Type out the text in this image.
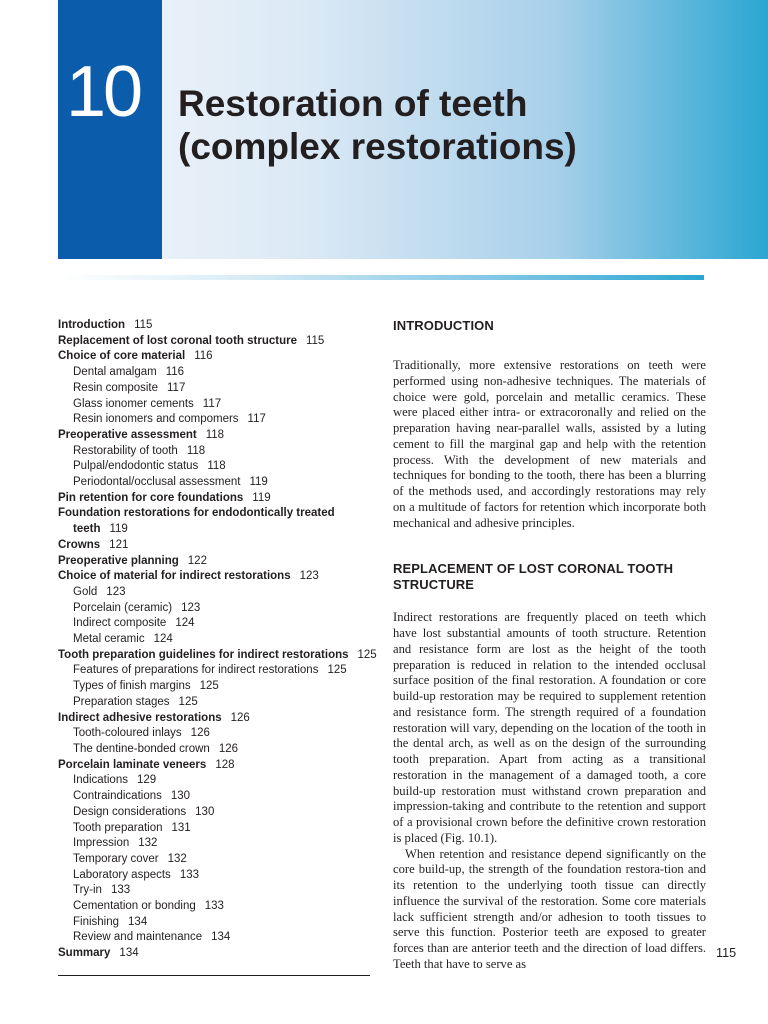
10	Restoration of teeth
(complex restorations)
Introduction 115
Replacement of lost coronal tooth structure 115
Choice of core material 116
Dental amalgam 116
Resin composite 117
Glass ionomer cements 117
Resin ionomers and compomers 117
Preoperative assessment 118
Restorability of tooth 118
Pulpal/endodontic status 118
Periodontal/occlusal assessment 119
Pin retention for core foundations 119
Foundation restorations for endodontically treated
teeth 119
Crowns 121
Preoperative planning 122
Choice of material for indirect restorations 123
Gold 123
Porcelain (ceramic) 123
Indirect composite 124
Metal ceramic 124
Tooth preparation guidelines for indirect restorations 125
Features of preparations for indirect restorations 125
Types of finish margins 125
Preparation stages 125
Indirect adhesive restorations 126
Tooth-coloured inlays 126
The dentine-bonded crown 126
Porcelain laminate veneers 128
Indications 129
Contraindications 130
Design considerations 130
Tooth preparation 131
Impression 132
Temporary cover 132
Laboratory aspects 133
Try-in 133
Cementation or bonding 133
Finishing 134
Review and maintenance 134
Summary 134
INTRODUCTION

Traditionally, more extensive restorations on teeth were performed using non-adhesive techniques. The materials of choice were gold, porcelain and metallic ceramics. These were placed either intra- or extracoronally and relied on the preparation having near-parallel walls, assisted by a luting cement to fill the marginal gap and help with the retention process. With the development of new materials and techniques for bonding to the tooth, there has been a blurring of the methods used, and accordingly restorations may rely on a multitude of factors for retention which incorporate both mechanical and adhesive principles.

REPLACEMENT OF LOST CORONAL TOOTH STRUCTURE

Indirect restorations are frequently placed on teeth which have lost substantial amounts of tooth structure. Retention and resistance form are lost as the height of the tooth preparation is reduced in relation to the intended occlusal surface position of the final restoration. A foundation or core build-up restoration may be required to supplement retention and resistance form. The strength required of a foundation restoration will vary, depending on the location of the tooth in the dental arch, as well as on the design of the surrounding tooth preparation. Apart from acting as a transitional restoration in the management of a damaged tooth, a core build-up restoration must withstand crown preparation and impression-taking and contribute to the retention and support of a provisional crown before the definitive crown restoration is placed (Fig. 10.1).

When retention and resistance depend significantly on the core build-up, the strength of the foundation restora-tion and its retention to the underlying tooth tissue can directly influence the survival of the restoration. Some core materials lack sufficient strength and/or adhesion to tooth tissues to serve this function. Posterior teeth are exposed to greater forces than are anterior teeth and the direction of load differs. Teeth that have to serve as

115
